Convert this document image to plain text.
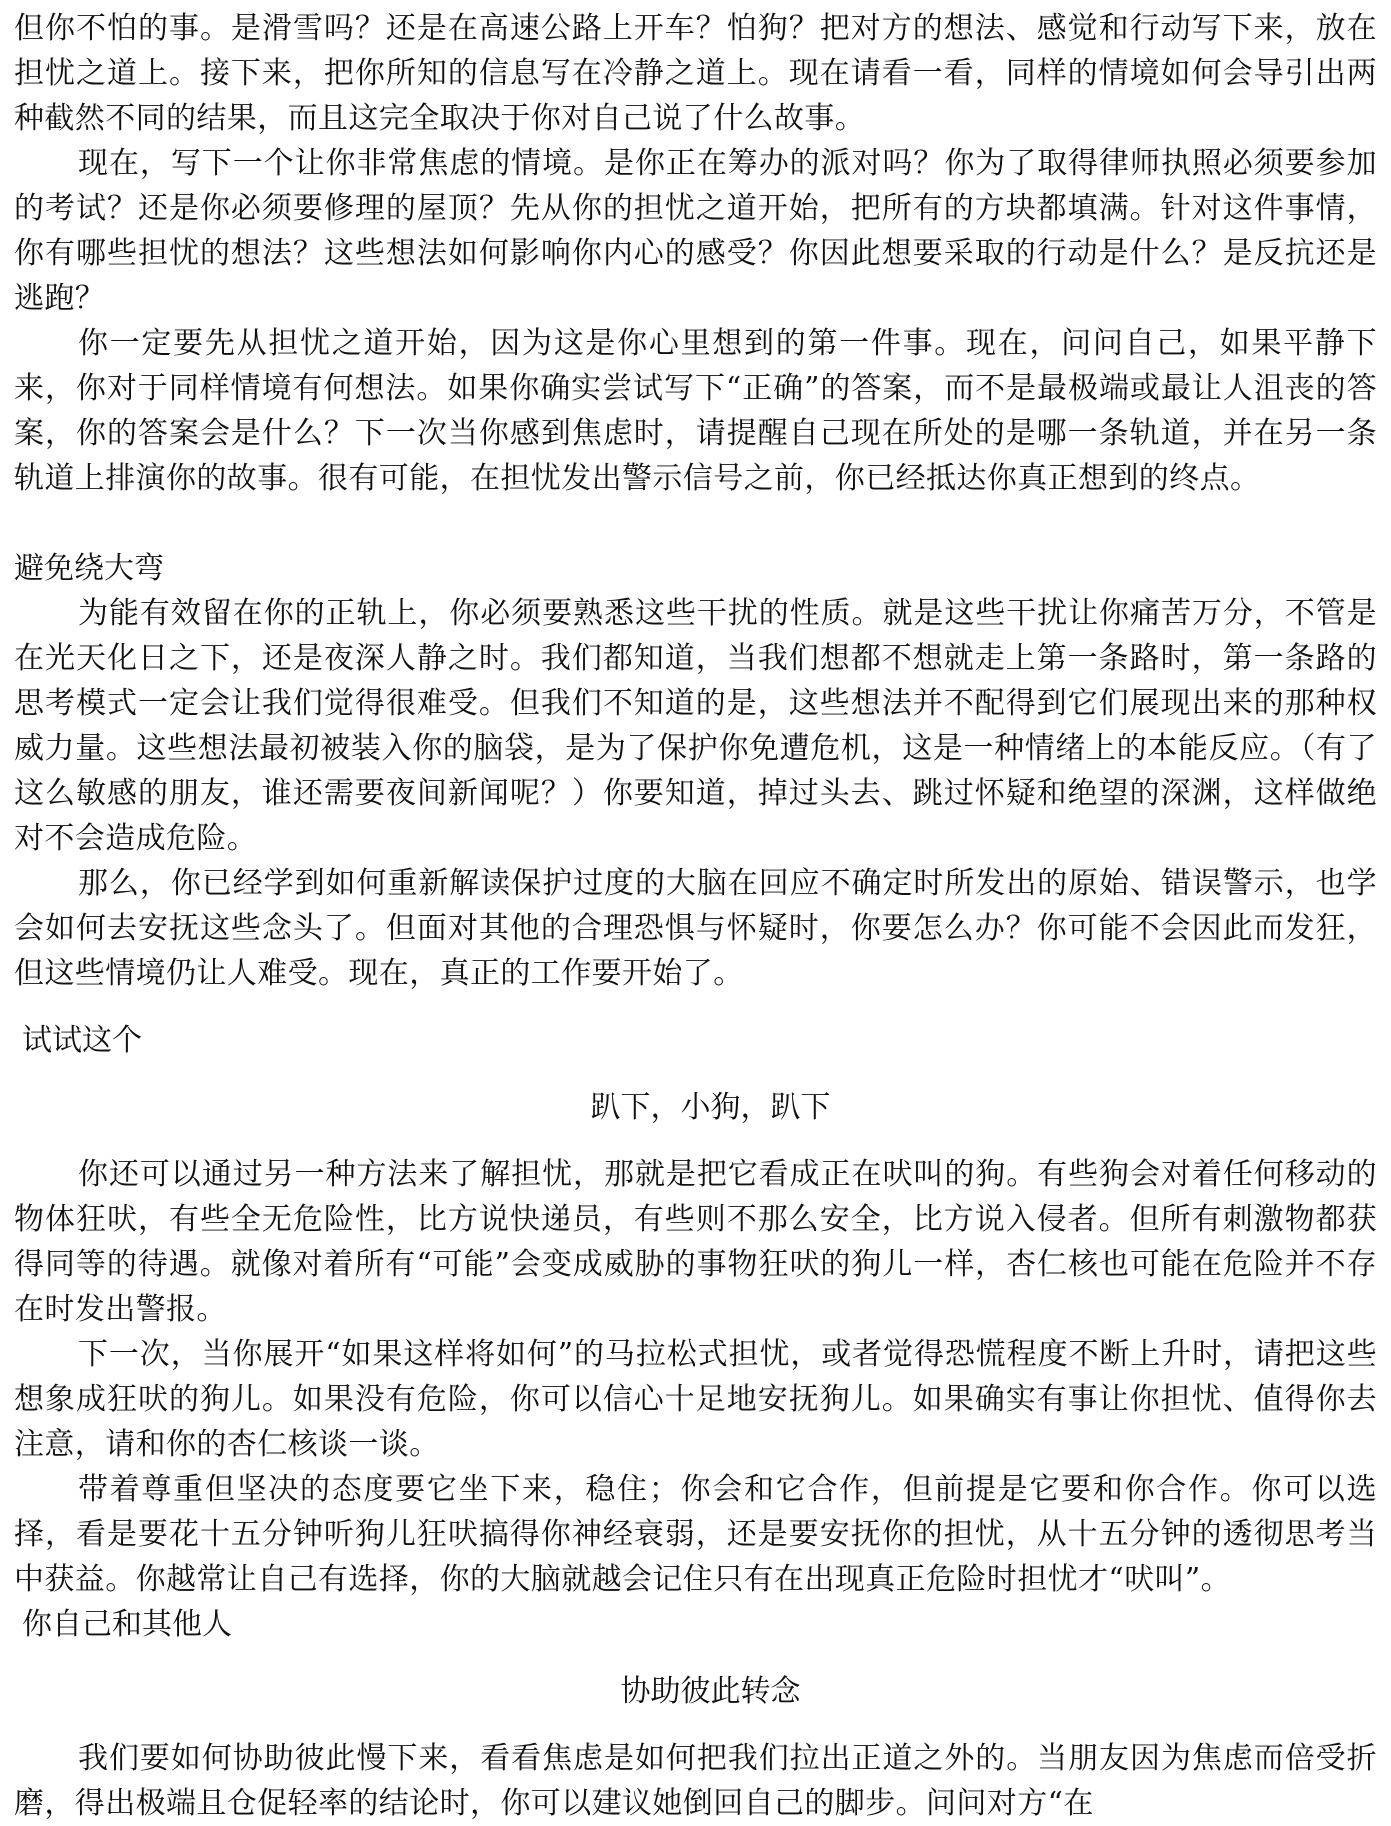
但你不怕的事。是滑雪吗？还是在高速公路上开车？怕狗？把对方的想法、感觉和行动写下来，放在担忧之道上。接下来，把你所知的信息写在冷静之道上。现在请看一看，同样的情境如何会导引出两种截然不同的结果，而且这完全取决于你对自己说了什么故事。

现在，写下一个让你非常焦虑的情境。是你正在筹办的派对吗？你为了取得律师执照必须要参加的考试？还是你必须要修理的屋顶？先从你的担忧之道开始，把所有的方块都填满。针对这件事情，你有哪些担忧的想法？这些想法如何影响你内心的感受？你因此想要采取的行动是什么？是反抗还是逃跑？

你一定要先从担忧之道开始，因为这是你心里想到的第一件事。现在，问问自己，如果平静下来，你对于同样情境有何想法。如果你确实尝试写下“正确”的答案，而不是最极端或最让人沮丧的答案，你的答案会是什么？下一次当你感到焦虑时，请提醒自己现在所处的是哪一条轨道，并在另一条轨道上排演你的故事。很有可能，在担忧发出警示信号之前，你已经抵达你真正想到的终点。

避免绕大弯

为能有效留在你的正轨上，你必须要熟悉这些干扰的性质。就是这些干扰让你痛苦万分，不管是在光天化日之下，还是夜深人静之时。我们都知道，当我们想都不想就走上第一条路时，第一条路的思考模式一定会让我们觉得很难受。但我们不知道的是，这些想法并不配得到它们展现出来的那种权威力量。这些想法最初被装入你的脑袋，是为了保护你免遭危机，这是一种情绪上的本能反应。（有了这么敏感的朋友，谁还需要夜间新闻呢？）你要知道，掉过头去、跳过怀疑和绝望的深渊，这样做绝对不会造成危险。

那么，你已经学到如何重新解读保护过度的大脑在回应不确定时所发出的原始、错误警示，也学会如何去安抚这些念头了。但面对其他的合理恐惧与怀疑时，你要怎么办？你可能不会因此而发狂，但这些情境仍让人难受。现在，真正的工作要开始了。

试试这个
趴下，小狗，趴下

你还可以通过另一种方法来了解担忧，那就是把它看成正在吠叫的狗。有些狗会对着任何移动的物体狂吠，有些全无危险性，比方说快递员，有些则不那么安全，比方说入侵者。但所有刺激物都获得同等的待遇。就像对着所有“可能”会变成威胁的事物狂吠的狗儿一样，杏仁核也可能在危险并不存在时发出警报。

下一次，当你展开“如果这样将如何”的马拉松式担忧，或者觉得恐慌程度不断上升时，请把这些想象成狂吠的狗儿。如果没有危险，你可以信心十足地安抚狗儿。如果确实有事让你担忧、值得你去注意，请和你的杏仁核谈一谈。

带着尊重但坚决的态度要它坐下来，稳住；你会和它合作，但前提是它要和你合作。你可以选择，看是要花十五分钟听狗儿狂吠搞得你神经衰弱，还是要安抚你的担忧，从十五分钟的透彻思考当中获益。你越常让自己有选择，你的大脑就越会记住只有在出现真正危险时担忧才“吠叫”。

你自己和其他人
协助彼此转念

我们要如何协助彼此慢下来，看看焦虑是如何把我们拉出正道之外的。当朋友因为焦虑而倍受折磨，得出极端且仓促轻率的结论时，你可以建议她倒回自己的脚步。问问对方“在
